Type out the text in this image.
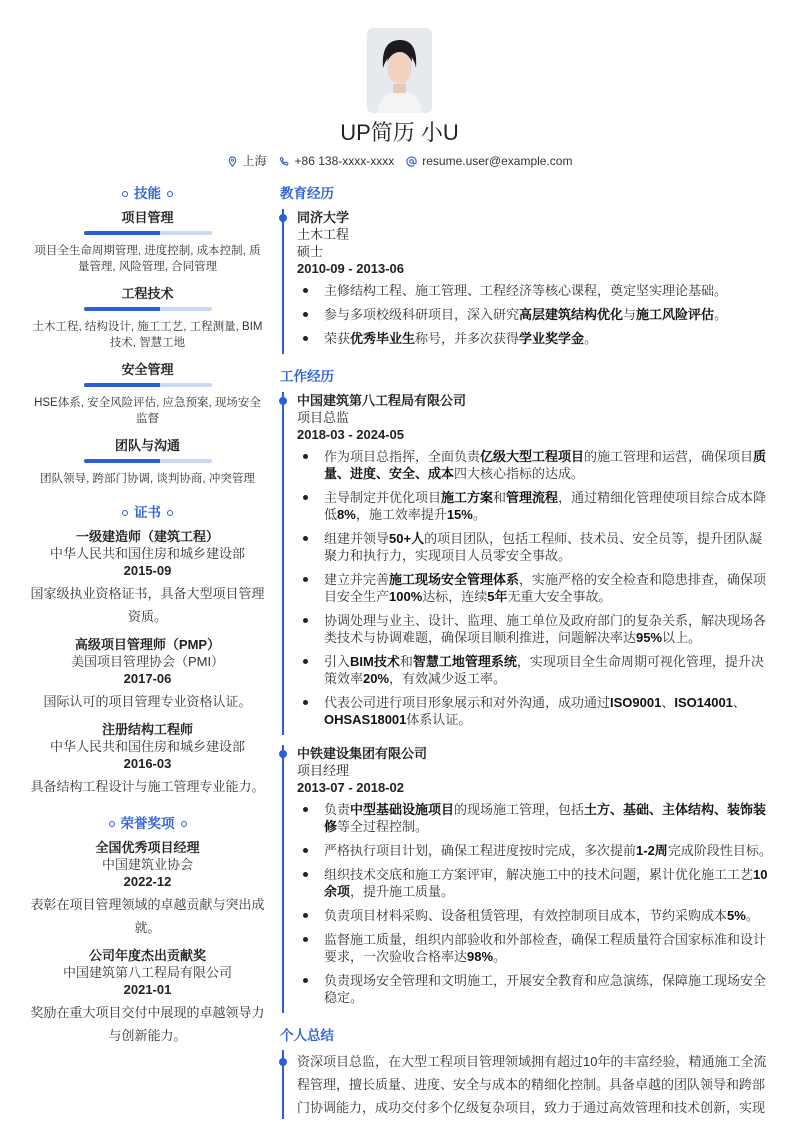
UP简历 小U
上海 +86 138-xxxx-xxxx resume.user@example.com
技能
项目管理
项目全生命周期管理, 进度控制, 成本控制, 质量管理, 风险管理, 合同管理
工程技术
土木工程, 结构设计, 施工工艺, 工程测量, BIM技术, 智慧工地
安全管理
HSE体系, 安全风险评估, 应急预案, 现场安全监督
团队与沟通
团队领导, 跨部门协调, 谈判协商, 冲突管理
证书
一级建造师（建筑工程）
中华人民共和国住房和城乡建设部
2015-09
国家级执业资格证书，具备大型项目管理资质。
高级项目管理师（PMP）
美国项目管理协会（PMI）
2017-06
国际认可的项目管理专业资格认证。
注册结构工程师
中华人民共和国住房和城乡建设部
2016-03
具备结构工程设计与施工管理专业能力。
荣誉奖项
全国优秀项目经理
中国建筑业协会
2022-12
表彰在项目管理领域的卓越贡献与突出成就。
公司年度杰出贡献奖
中国建筑第八工程局有限公司
2021-01
奖励在重大项目交付中展现的卓越领导力与创新能力。
教育经历
同济大学
土木工程
硕士
2010-09 - 2013-06
主修结构工程、施工管理、工程经济等核心课程，奠定坚实理论基础。
参与多项校级科研项目，深入研究高层建筑结构优化与施工风险评估。
荣获优秀毕业生称号，并多次获得学业奖学金。
工作经历
中国建筑第八工程局有限公司
项目总监
2018-03 - 2024-05
作为项目总指挥，全面负责亿级大型工程项目的施工管理和运营，确保项目质量、进度、安全、成本四大核心指标的达成。
主导制定并优化项目施工方案和管理流程，通过精细化管理使项目综合成本降低8%，施工效率提升15%。
组建并领导50+人的项目团队，包括工程师、技术员、安全员等，提升团队凝聚力和执行力，实现项目人员零安全事故。
建立并完善施工现场安全管理体系，实施严格的安全检查和隐患排查，确保项目安全生产100%达标，连续5年无重大安全事故。
协调处理与业主、设计、监理、施工单位及政府部门的复杂关系，解决现场各类技术与协调难题，确保项目顺利推进，问题解决率达95%以上。
引入BIM技术和智慧工地管理系统，实现项目全生命周期可视化管理，提升决策效率20%，有效减少返工率。
代表公司进行项目形象展示和对外沟通，成功通过ISO9001、ISO14001、OHSAS18001体系认证。
中铁建设集团有限公司
项目经理
2013-07 - 2018-02
负责中型基础设施项目的现场施工管理，包括土方、基础、主体结构、装饰装修等全过程控制。
严格执行项目计划，确保工程进度按时完成，多次提前1-2周完成阶段性目标。
组织技术交底和施工方案评审，解决施工中的技术问题，累计优化施工工艺10余项，提升施工质量。
负责项目材料采购、设备租赁管理，有效控制项目成本，节约采购成本5%。
监督施工质量，组织内部验收和外部检查，确保工程质量符合国家标准和设计要求，一次验收合格率达98%。
负责现场安全管理和文明施工，开展安全教育和应急演练，保障施工现场安全稳定。
个人总结
资深项目总监，在大型工程项目管理领域拥有超过10年的丰富经验，精通施工全流程管理，擅长质量、进度、安全与成本的精细化控制。具备卓越的团队领导和跨部门协调能力，成功交付多个亿级复杂项目，致力于通过高效管理和技术创新，实现
